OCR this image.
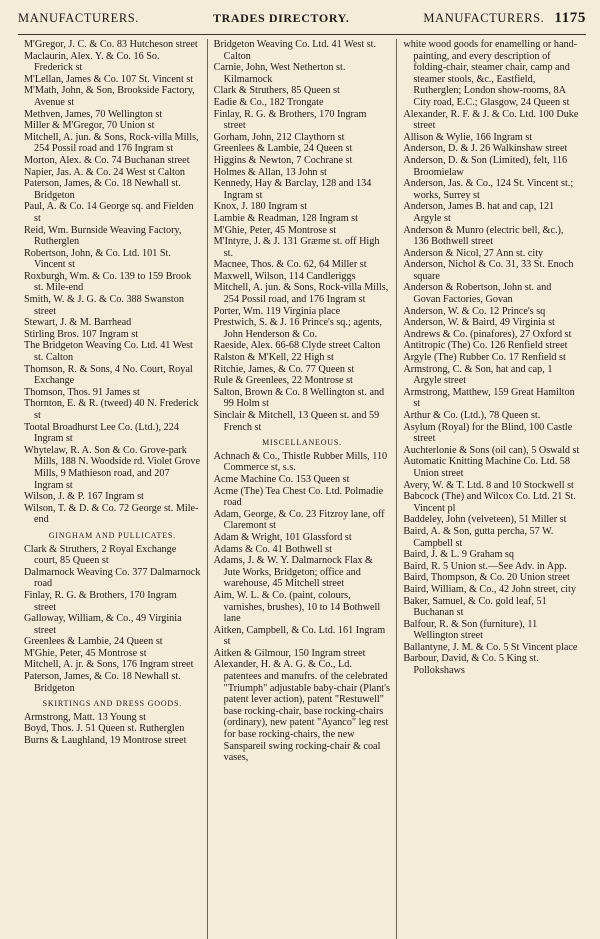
MANUFACTURERS.	TRADES DIRECTORY.	MANUFACTURERS. 1175
M'Gregor, J. C. & Co. 83 Hutcheson street
Maclaurin, Alex. Y. & Co. 16 So. Frederick st
M'Lellan, James & Co. 107 St. Vincent st
M'Math, John, & Son, Brookside Factory, Avenue st
Methven, James, 70 Wellington st
Miller & M'Gregor, 70 Union st
Mitchell, A. jun. & Sons, Rock-villa Mills, 254 Possil road and 176 Ingram st
Morton, Alex. & Co. 74 Buchanan street
Napier, Jas. A. & Co. 24 West st Calton
Paterson, James, & Co. 18 Newhall st. Bridgeton
Paul, A. & Co. 14 George sq. and Fielden st
Reid, Wm. Burnside Weaving Factory, Rutherglen
Robertson, John, & Co. Ltd. 101 St. Vincent st
Roxburgh, Wm. & Co. 139 to 159 Brook st. Mile-end
Smith, W. & J. G. & Co. 388 Swanston street
Stewart, J. & M. Barrhead
Stirling Bros. 107 Ingram st
The Bridgeton Weaving Co. Ltd. 41 West st. Calton
Thomson, R. & Sons, 4 No. Court, Royal Exchange
Thomson, Thos. 91 James st
Thornton, E. & R. (tweed) 40 N. Frederick st
Tootal Broadhurst Lee Co. (Ltd.), 224 Ingram st
Whytelaw, R. A. Son & Co. Grove-park Mills, 188 N. Woodside rd. Violet Grove Mills, 9 Mathieson road, and 207 Ingram st
Wilson, J. & P. 167 Ingram st
Wilson, T. & D. & Co. 72 George st. Mile-end
GINGHAM AND PULLICATES.
Clark & Struthers, 2 Royal Exchange court, 85 Queen st
Dalmarnock Weaving Co. 377 Dalmarnock road
Finlay, R. G. & Brothers, 170 Ingram street
Galloway, William, & Co., 49 Virginia street
Greenlees & Lambie, 24 Queen st
M'Ghie, Peter, 45 Montrose st
Mitchell, A. jr. & Sons, 176 Ingram street
Paterson, James, & Co. 18 Newhall st. Bridgeton
SKIRTINGS AND DRESS GOODS.
Armstrong, Matt. 13 Young st
Boyd, Thos. J. 51 Queen st. Rutherglen
Burns & Laughland, 19 Montrose street
Bridgeton Weaving Co. Ltd. 41 West st. Calton
Carnie, John, West Netherton st. Kilmarnock
Clark & Struthers, 85 Queen st
Eadie & Co., 182 Trongate
Finlay, R. G. & Brothers, 170 Ingram street
Gorham, John, 212 Claythorn st
Greenlees & Lambie, 24 Queen st
Higgins & Newton, 7 Cochrane st
Holmes & Allan, 13 John st
Kennedy, Hay & Barclay, 128 and 134 Ingram st
Knox, J. 180 Ingram st
Lambie & Readman, 128 Ingram st
M'Ghie, Peter, 45 Montrose st
M'Intyre, J. & J. 131 Græme st. off High st.
Macnee, Thos. & Co. 62, 64 Miller st
Maxwell, Wilson, 114 Candleriggs
Mitchell, A. jun. & Sons, Rock-villa Mills, 254 Possil road, and 176 Ingram st
Porter, Wm. 119 Virginia place
Prestwich, S. & J. 16 Prince's sq.; agents, John Henderson & Co.
Raeside, Alex. 66-68 Clyde street Calton
Ralston & M'Kell, 22 High st
Ritchie, James, & Co. 77 Queen st
Rule & Greenlees, 22 Montrose st
Salton, Brown & Co. 8 Wellington st. and 99 Holm st
Sinclair & Mitchell, 13 Queen st. and 59 French st
MISCELLANEOUS.
Achnach & Co., Thistle Rubber Mills, 110 Commerce st, s.s.
Acme Machine Co. 153 Queen st
Acme (The) Tea Chest Co. Ltd. Polmadie road
Adam, George, & Co. 23 Fitzroy lane, off Claremont st
Adam & Wright, 101 Glassford st
Adams & Co. 41 Bothwell st
Adams, J. & W. Y. Dalmarnock Flax & Jute Works, Bridgeton; office and warehouse, 45 Mitchell street
Aim, W. L. & Co. (paint, colours, varnishes, brushes), 10 to 14 Bothwell lane
Aitken, Campbell, & Co. Ltd. 161 Ingram st
Aitken & Gilmour, 150 Ingram street
Alexander, H. & A. G. & Co., Ld. patentees and manufrs. of the celebrated "Triumph" adjustable baby-chair (Plant's patent lever action), patent "Restuwell" base rocking-chair, base rocking-chairs (ordinary), new patent "Ayanco" leg rest for base rocking-chairs, the new Sanspareil swing rocking-chair & coal vases,
white wood goods for enamelling or hand-painting, and every description of folding-chair, steamer chair, camp and steamer stools, &c., Eastfield, Rutherglen; London show-rooms, 8A City road, E.C.; Glasgow, 24 Queen st
Alexander, R. F. & J. & Co. Ltd. 100 Duke street
Allison & Wylie, 166 Ingram st
Anderson, D. & J. 26 Walkinshaw street
Anderson, D. & Son (Limited), felt, 116 Broomielaw
Anderson, Jas. & Co., 124 St. Vincent st.; works, Surrey st
Anderson, James B. hat and cap, 121 Argyle st
Anderson & Munro (electric bell, &c.), 136 Bothwell street
Anderson & Nicol, 27 Ann st. city
Anderson, Nichol & Co. 31, 33 St. Enoch square
Anderson & Robertson, John st. and Govan Factories, Govan
Anderson, W. & Co. 12 Prince's sq
Anderson, W. & Baird, 49 Virginia st
Andrews & Co. (pinafores), 27 Oxford st
Antitropic (The) Co. 126 Renfield street
Argyle (The) Rubber Co. 17 Renfield st
Armstrong, C. & Son, hat and cap, 1 Argyle street
Armstrong, Matthew, 159 Great Hamilton st
Arthur & Co. (Ltd.), 78 Queen st.
Asylum (Royal) for the Blind, 100 Castle street
Auchterlonie & Sons (oil can), 5 Oswald st
Automatic Knitting Machine Co. Ltd. 58 Union street
Avery, W. & T. Ltd. 8 and 10 Stockwell st
Babcock (The) and Wilcox Co. Ltd. 21 St. Vincent pl
Baddeley, John (velveteen), 51 Miller st
Baird, A. & Son, gutta percha, 57 W. Campbell st
Baird, J. & L. 9 Graham sq
Baird, R. 5 Union st.—See Adv. in App.
Baird, Thompson, & Co. 20 Union street
Baird, William, & Co., 42 John street, city
Baker, Samuel, & Co. gold leaf, 51 Buchanan st
Balfour, R. & Son (furniture), 11 Wellington street
Ballantyne, J. M. & Co. 5 St Vincent place
Barbour, David, & Co. 5 King st. Pollokshaws
